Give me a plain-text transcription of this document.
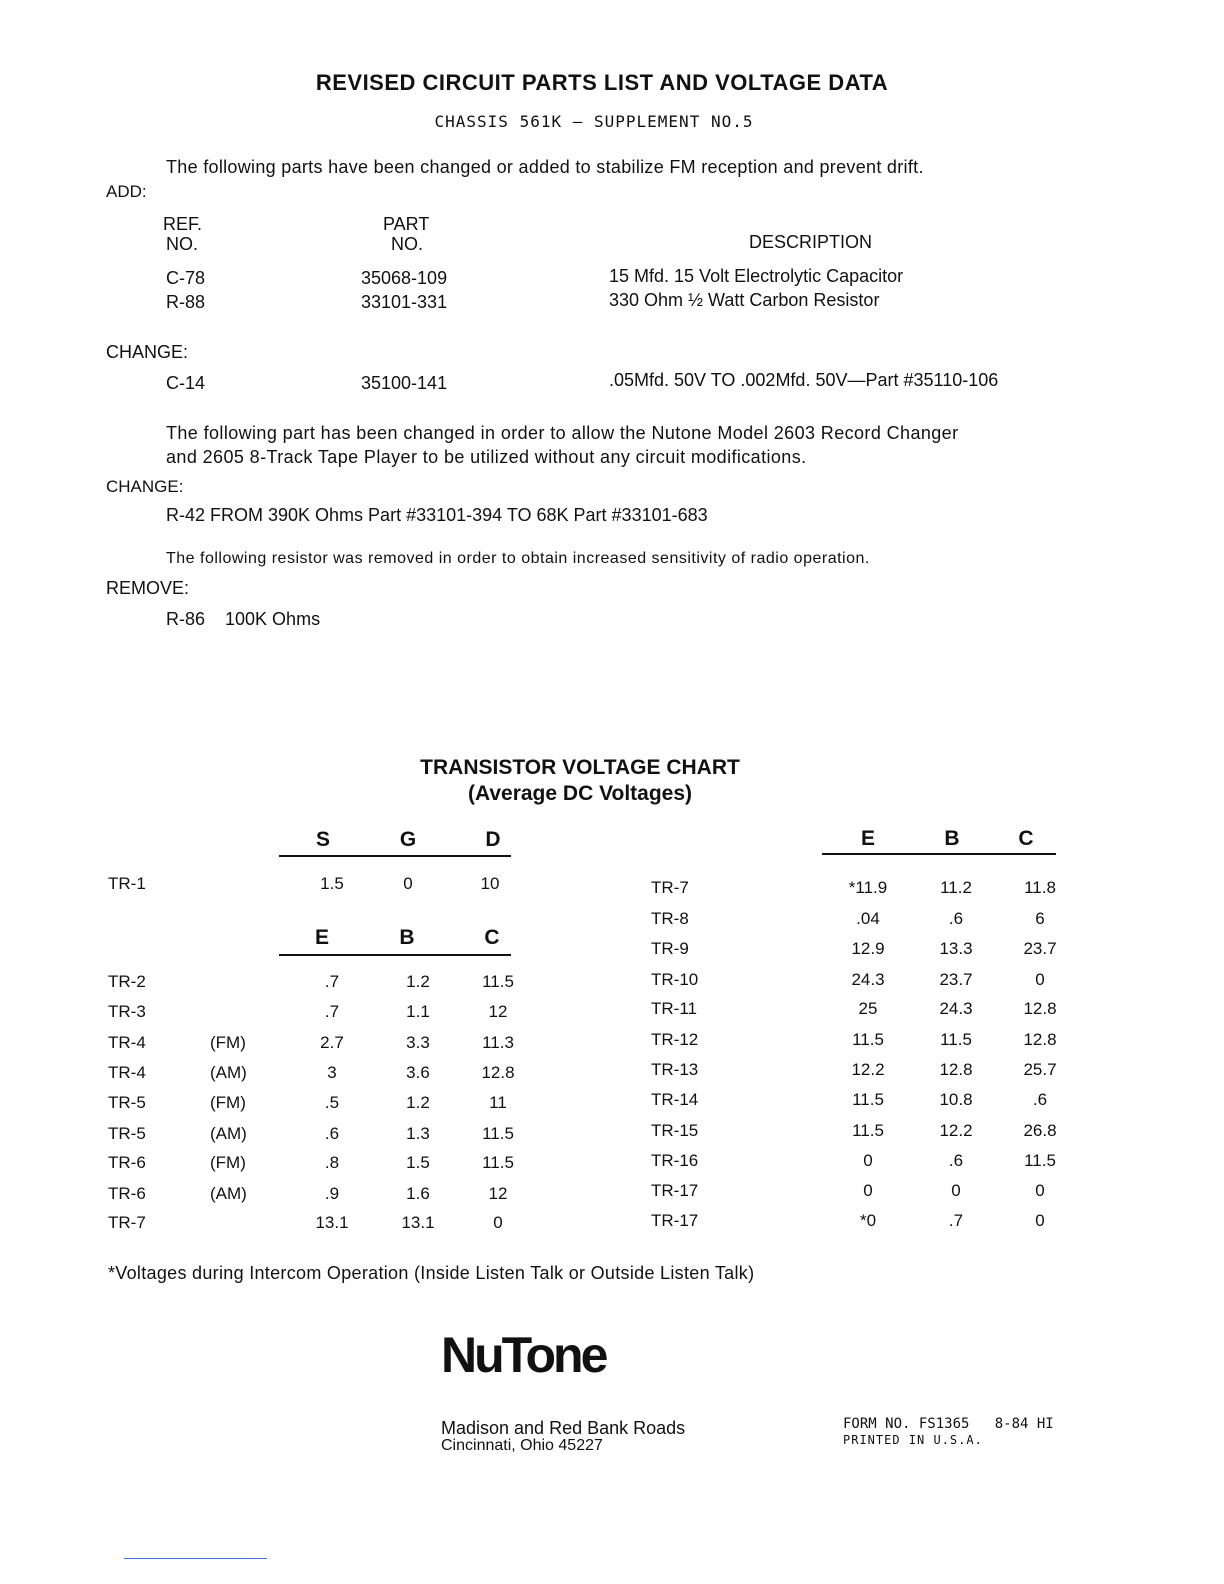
REVISED CIRCUIT PARTS LIST AND VOLTAGE DATA
CHASSIS 561K – SUPPLEMENT NO.5
The following parts have been changed or added to stabilize FM reception and prevent drift.
ADD:
REF.
NO.
PART
NO.	DESCRIPTION
C-78	35068-109	15 Mfd. 15 Volt Electrolytic Capacitor
R-88	33101-331	330 Ohm ½ Watt Carbon Resistor
CHANGE:
C-14	35100-141	.05Mfd. 50V TO .002Mfd. 50V—Part #35110-106
The following part has been changed in order to allow the Nutone Model 2603 Record Changer
and 2605 8-Track Tape Player to be utilized without any circuit modifications.
CHANGE:
R-42 FROM 390K Ohms Part #33101-394 TO 68K Part #33101-683
The following resistor was removed in order to obtain increased sensitivity of radio operation.
REMOVE:
R-86    100K Ohms
TRANSISTOR VOLTAGE CHART
(Average DC Voltages)
S	G	D
E	B	C
E	B	C
TR-1	1.5	0	10
TR-2	.7	1.2	11.5
TR-3	.7	1.1	12
TR-4	(FM)	2.7	3.3	11.3
TR-4	(AM)	3	3.6	12.8
TR-5	(FM)	.5	1.2	11
TR-5	(AM)	.6	1.3	11.5
TR-6	(FM)	.8	1.5	11.5
TR-6	(AM)	.9	1.6	12
TR-7	13.1	13.1	0
TR-7	*11.9	11.2	11.8
TR-8	.04	.6	6
TR-9	12.9	13.3	23.7
TR-10	24.3	23.7	0
TR-11	25	24.3	12.8
TR-12	11.5	11.5	12.8
TR-13	12.2	12.8	25.7
TR-14	11.5	10.8	.6
TR-15	11.5	12.2	26.8
TR-16	0	.6	11.5
TR-17	0	0	0
TR-17	*0	.7	0
*Voltages during Intercom Operation (Inside Listen Talk or Outside Listen Talk)
NuTone
Madison and Red Bank Roads
Cincinnati, Ohio 45227
FORM NO. FS1365   8-84 HI
PRINTED IN U.S.A.
